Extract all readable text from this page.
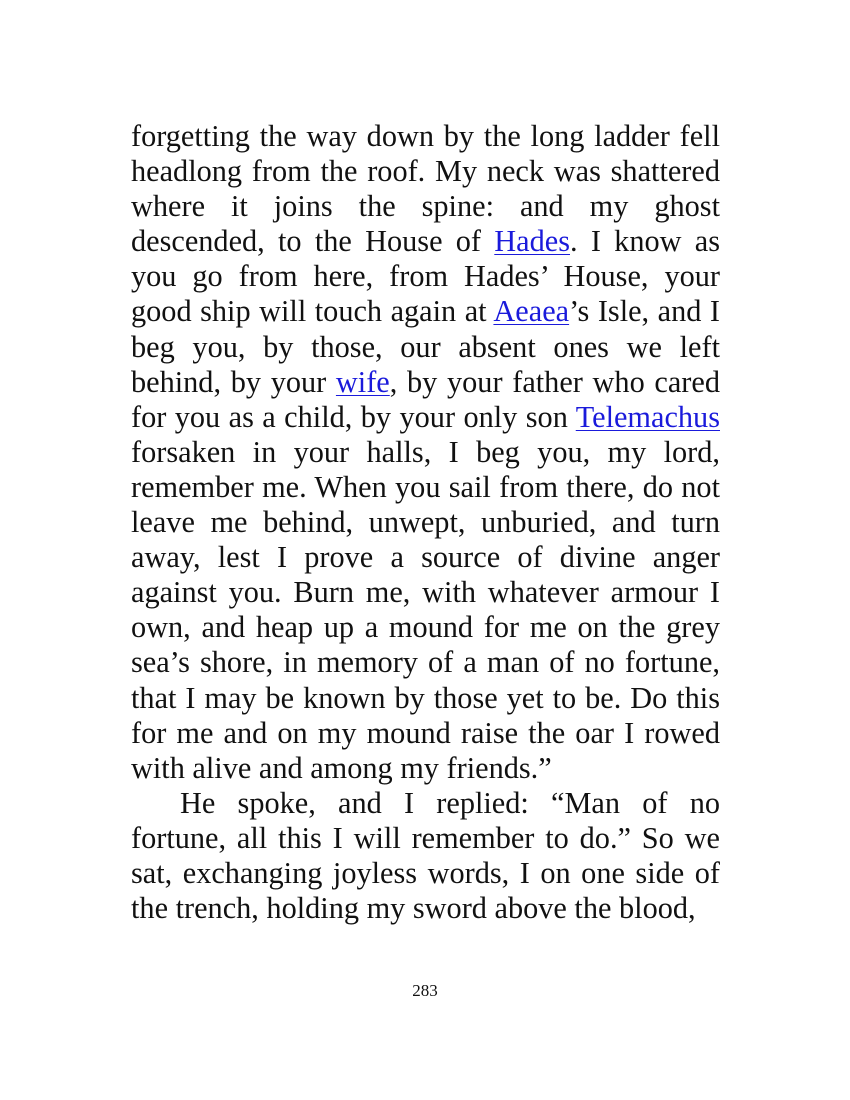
forgetting the way down by the long ladder fell headlong from the roof. My neck was shattered where it joins the spine: and my ghost descended, to the House of Hades. I know as you go from here, from Hades’ House, your good ship will touch again at Aeaea’s Isle, and I beg you, by those, our absent ones we left behind, by your wife, by your father who cared for you as a child, by your only son Telemachus forsaken in your halls, I beg you, my lord, remember me. When you sail from there, do not leave me behind, unwept, unburied, and turn away, lest I prove a source of divine anger against you. Burn me, with whatever armour I own, and heap up a mound for me on the grey sea’s shore, in memory of a man of no fortune, that I may be known by those yet to be. Do this for me and on my mound raise the oar I rowed with alive and among my friends.”

He spoke, and I replied: “Man of no fortune, all this I will remember to do.” So we sat, exchanging joyless words, I on one side of the trench, holding my sword above the blood,

283
